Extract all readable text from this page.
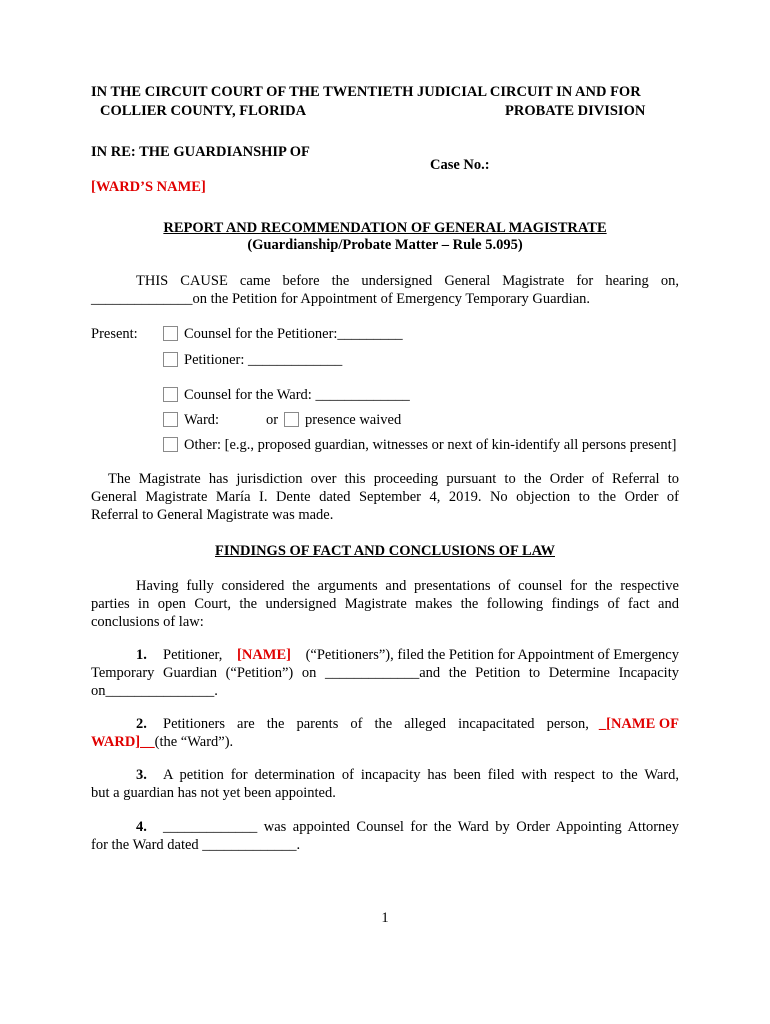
IN THE CIRCUIT COURT OF THE TWENTIETH JUDICIAL CIRCUIT IN AND FOR
COLLIER COUNTY, FLORIDA	PROBATE DIVISION
IN RE: THE GUARDIANSHIP OF
Case No.:
[WARD’S NAME]
REPORT AND RECOMMENDATION OF GENERAL MAGISTRATE
(Guardianship/Probate Matter – Rule 5.095)
THIS CAUSE came before the undersigned General Magistrate for hearing on,
______________on the Petition for Appointment of Emergency Temporary Guardian.
Present:	Counsel for the Petitioner:_________
Petitioner: _____________
Counsel for the Ward: _____________
Ward:	or presence waived
Other: [e.g., proposed guardian, witnesses or next of kin-identify all persons present]
The Magistrate has jurisdiction over this proceeding pursuant to the Order of Referral to
General Magistrate María I. Dente dated September 4, 2019. No objection to the Order of
Referral to General Magistrate was made.
FINDINGS OF FACT AND CONCLUSIONS OF LAW
Having fully considered the arguments and presentations of counsel for the respective
parties in open Court, the undersigned Magistrate makes the following findings of fact and
conclusions of law:
1. Petitioner, [NAME] (“Petitioners”), filed the Petition for Appointment of Emergency
Temporary Guardian (“Petition”) on _____________and the Petition to Determine Incapacity
on_______________.
2. Petitioners are the parents of the alleged incapacitated person, _[NAME OF
WARD]__(the “Ward”).
3. A petition for determination of incapacity has been filed with respect to the Ward,
but a guardian has not yet been appointed.
4. _____________ was appointed Counsel for the Ward by Order Appointing Attorney
for the Ward dated _____________.
1
